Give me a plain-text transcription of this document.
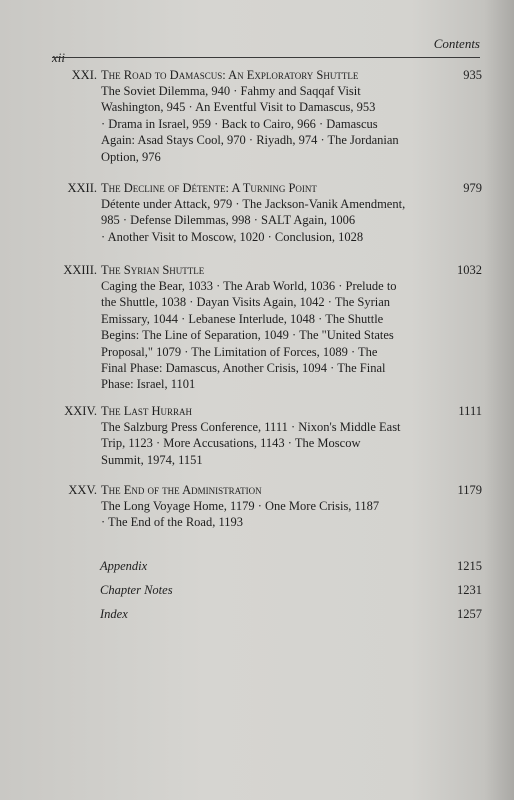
xii
Contents
XXI. The Road to Damascus: An Exploratory Shuttle	935
The Soviet Dilemma, 940 · Fahmy and Saqqaf Visit
Washington, 945 · An Eventful Visit to Damascus, 953
· Drama in Israel, 959 · Back to Cairo, 966 · Damascus
Again: Asad Stays Cool, 970 · Riyadh, 974 · The Jordanian
Option, 976
XXII. The Decline of Détente: A Turning Point	979
Détente under Attack, 979 · The Jackson-Vanik Amendment,
985 · Defense Dilemmas, 998 · SALT Again, 1006
· Another Visit to Moscow, 1020 · Conclusion, 1028
XXIII. The Syrian Shuttle	1032
Caging the Bear, 1033 · The Arab World, 1036 · Prelude to
the Shuttle, 1038 · Dayan Visits Again, 1042 · The Syrian
Emissary, 1044 · Lebanese Interlude, 1048 · The Shuttle
Begins: The Line of Separation, 1049 · The "United States
Proposal," 1079 · The Limitation of Forces, 1089 · The
Final Phase: Damascus, Another Crisis, 1094 · The Final
Phase: Israel, 1101
XXIV. The Last Hurrah	1111
The Salzburg Press Conference, 1111 · Nixon's Middle East
Trip, 1123 · More Accusations, 1143 · The Moscow
Summit, 1974, 1151
XXV. The End of the Administration	1179
The Long Voyage Home, 1179 · One More Crisis, 1187
· The End of the Road, 1193
Appendix	1215
Chapter Notes	1231
Index	1257
